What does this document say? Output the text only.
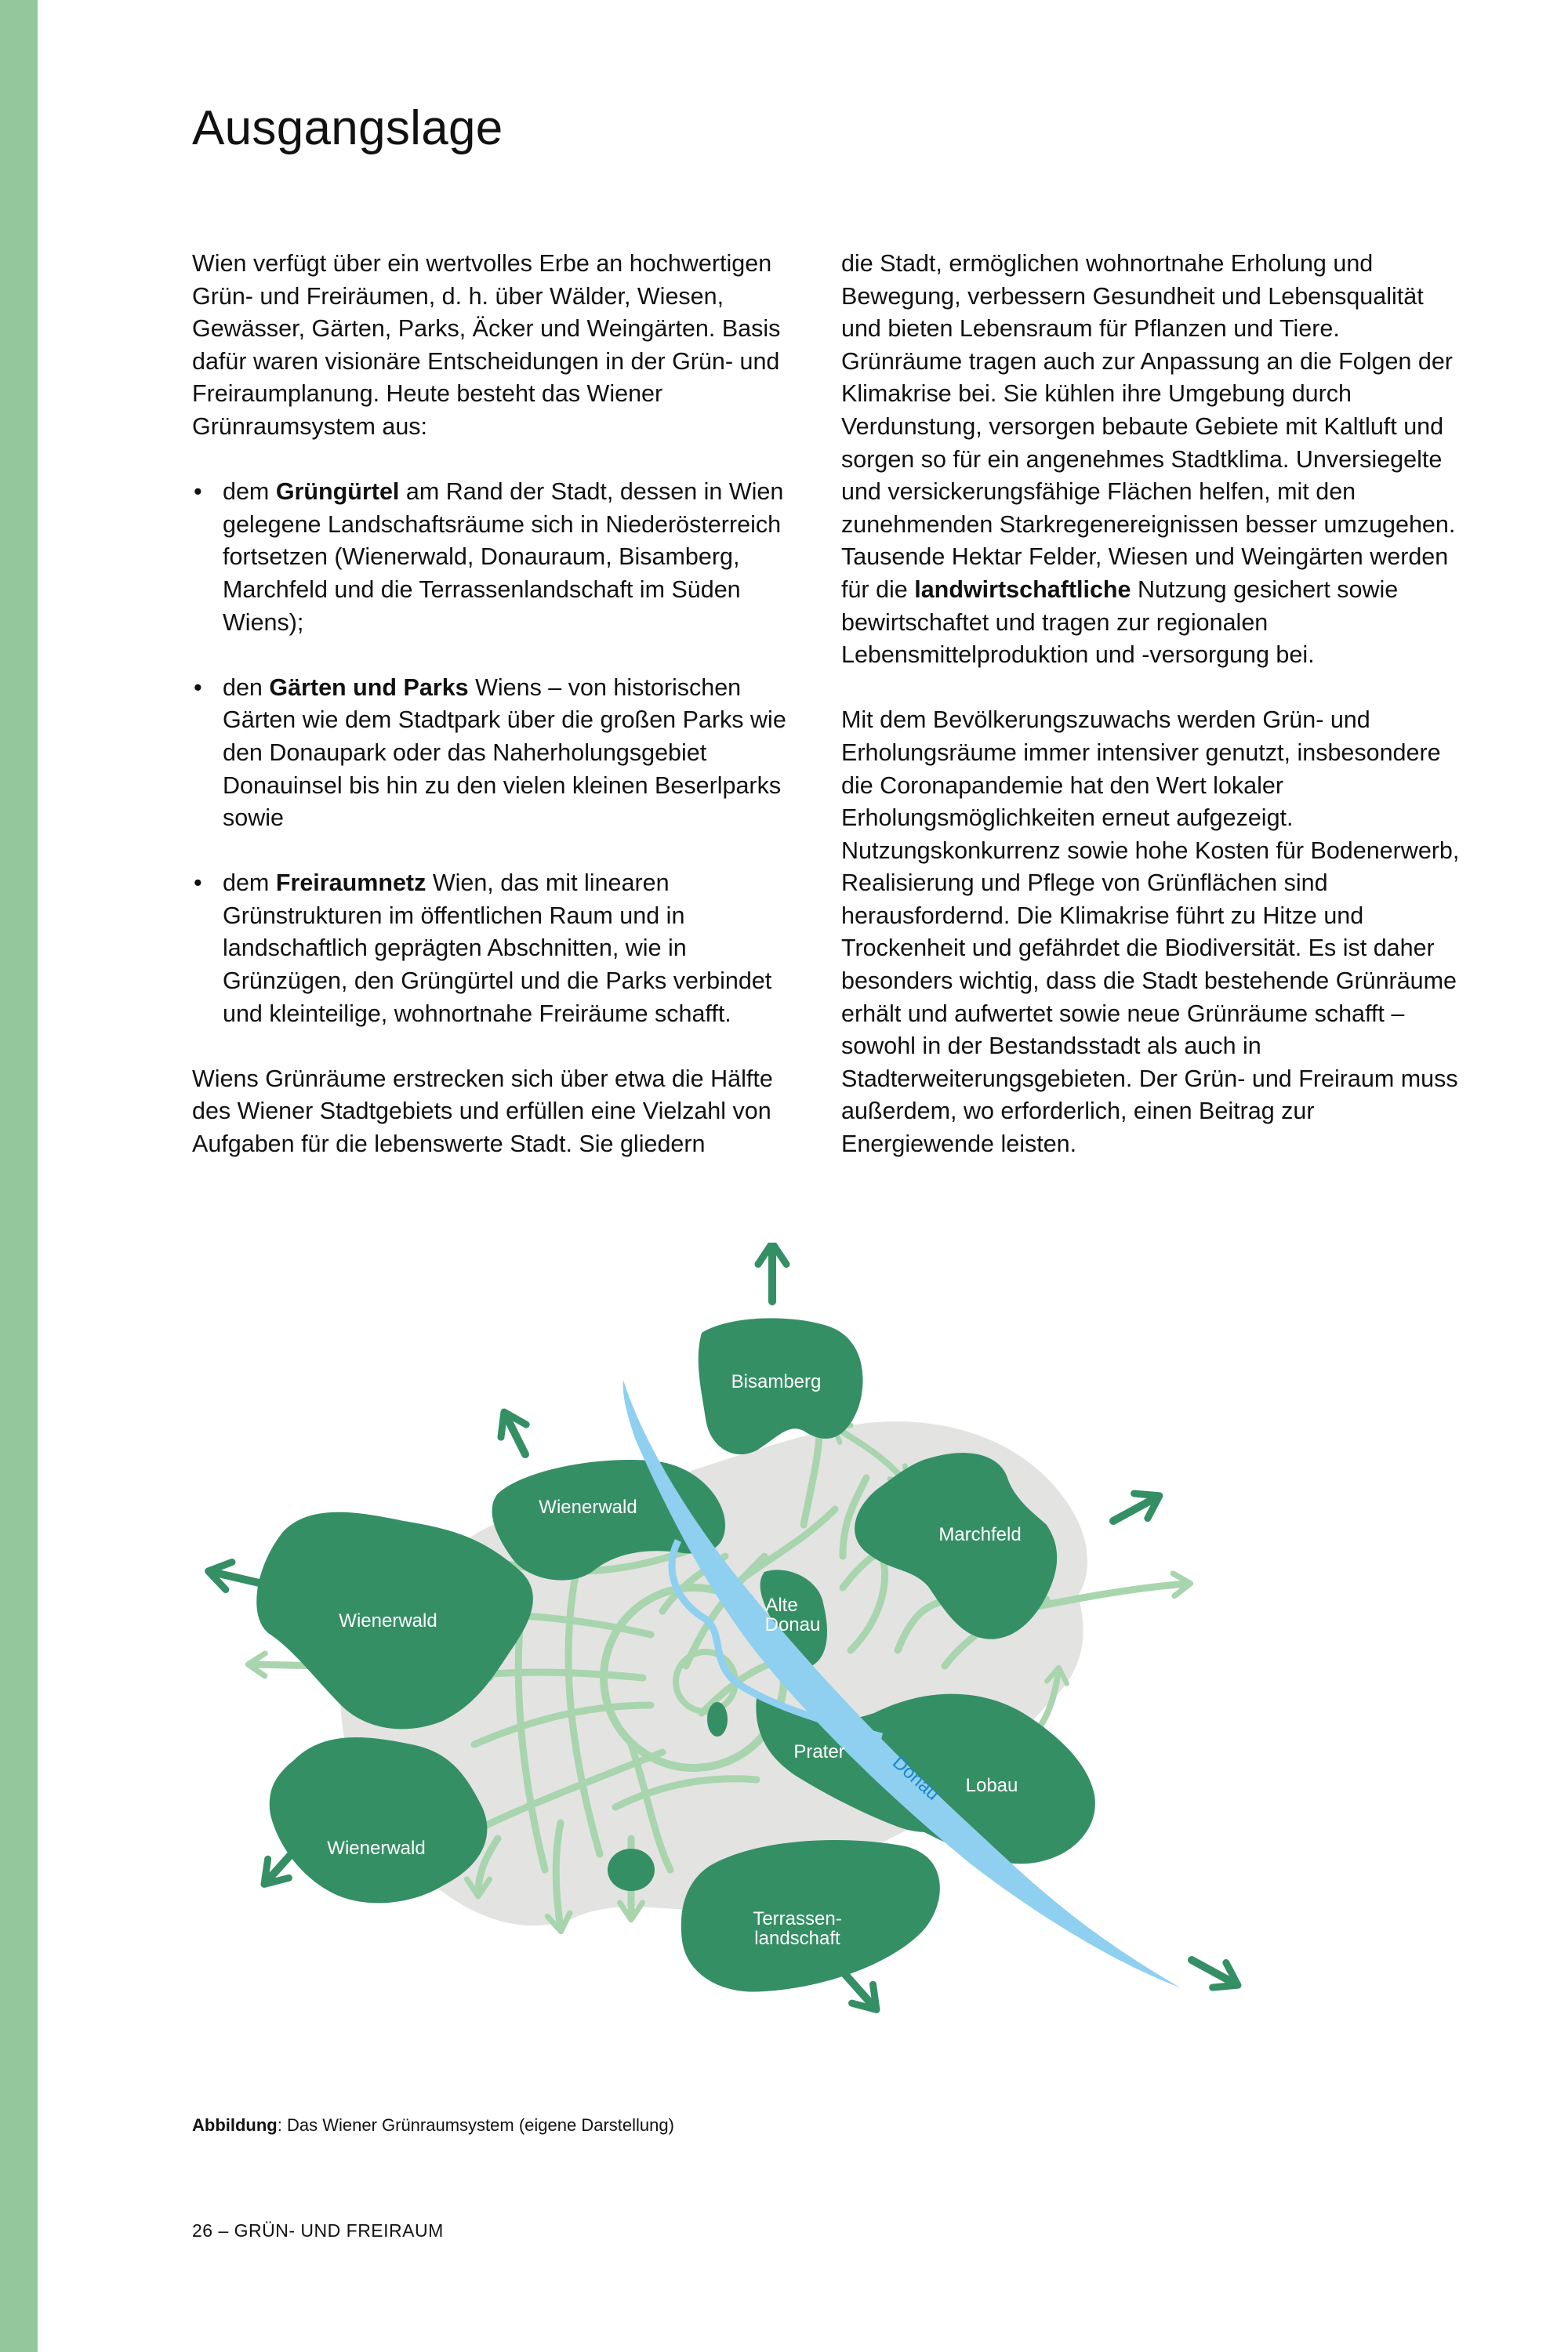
Ausgangslage

Wien verfügt über ein wertvolles Erbe an hochwertigen Grün- und Freiräumen, d. h. über Wälder, Wiesen, Gewässer, Gärten, Parks, Äcker und Weingärten. Basis dafür waren visionäre Entscheidungen in der Grün- und Freiraumplanung. Heute besteht das Wiener Grünraumsystem aus:

• dem Grüngürtel am Rand der Stadt, dessen in Wien gelegene Landschaftsräume sich in Niederösterreich fortsetzen (Wienerwald, Donauraum, Bisamberg, Marchfeld und die Terrassenlandschaft im Süden Wiens);
• den Gärten und Parks Wiens – von historischen Gärten wie dem Stadtpark über die großen Parks wie den Donaupark oder das Naherholungsgebiet Donauinsel bis hin zu den vielen kleinen Beserlparks sowie
• dem Freiraumnetz Wien, das mit linearen Grünstrukturen im öffentlichen Raum und in landschaftlich geprägten Abschnitten, wie in Grünzügen, den Grüngürtel und die Parks verbindet und kleinteilige, wohnortnahe Freiräume schafft.

Wiens Grünräume erstrecken sich über etwa die Hälfte des Wiener Stadtgebiets und erfüllen eine Vielzahl von Aufgaben für die lebenswerte Stadt. Sie gliedern

die Stadt, ermöglichen wohnortnahe Erholung und Bewegung, verbessern Gesundheit und Lebensqualität und bieten Lebensraum für Pflanzen und Tiere. Grünräume tragen auch zur Anpassung an die Folgen der Klimakrise bei. Sie kühlen ihre Umgebung durch Verdunstung, versorgen bebaute Gebiete mit Kaltluft und sorgen so für ein angenehmes Stadtklima. Unversiegelte und versickerungsfähige Flächen helfen, mit den zunehmenden Starkregenereignissen besser umzugehen. Tausende Hektar Felder, Wiesen und Weingärten werden für die landwirtschaftliche Nutzung gesichert sowie bewirtschaftet und tragen zur regionalen Lebensmittelproduktion und -versorgung bei.

Mit dem Bevölkerungszuwachs werden Grün- und Erholungsräume immer intensiver genutzt, insbesondere die Coronapandemie hat den Wert lokaler Erholungsmöglichkeiten erneut aufgezeigt. Nutzungskonkurrenz sowie hohe Kosten für Bodenerwerb, Realisierung und Pflege von Grünflächen sind herausfordernd. Die Klimakrise führt zu Hitze und Trockenheit und gefährdet die Biodiversität. Es ist daher besonders wichtig, dass die Stadt bestehende Grünräume erhält und aufwertet sowie neue Grünräume schafft – sowohl in der Bestandsstadt als auch in Stadterweiterungsgebieten. Der Grün- und Freiraum muss außerdem, wo erforderlich, einen Beitrag zur Energiewende leisten.

Bisamberg
Wienerwald
Wienerwald
Wienerwald
Marchfeld
Alte
Donau
Prater Donau Lobau
Terrassen-
landschaft

Abbildung: Das Wiener Grünraumsystem (eigene Darstellung)

26 – GRÜN- UND FREIRAUM
